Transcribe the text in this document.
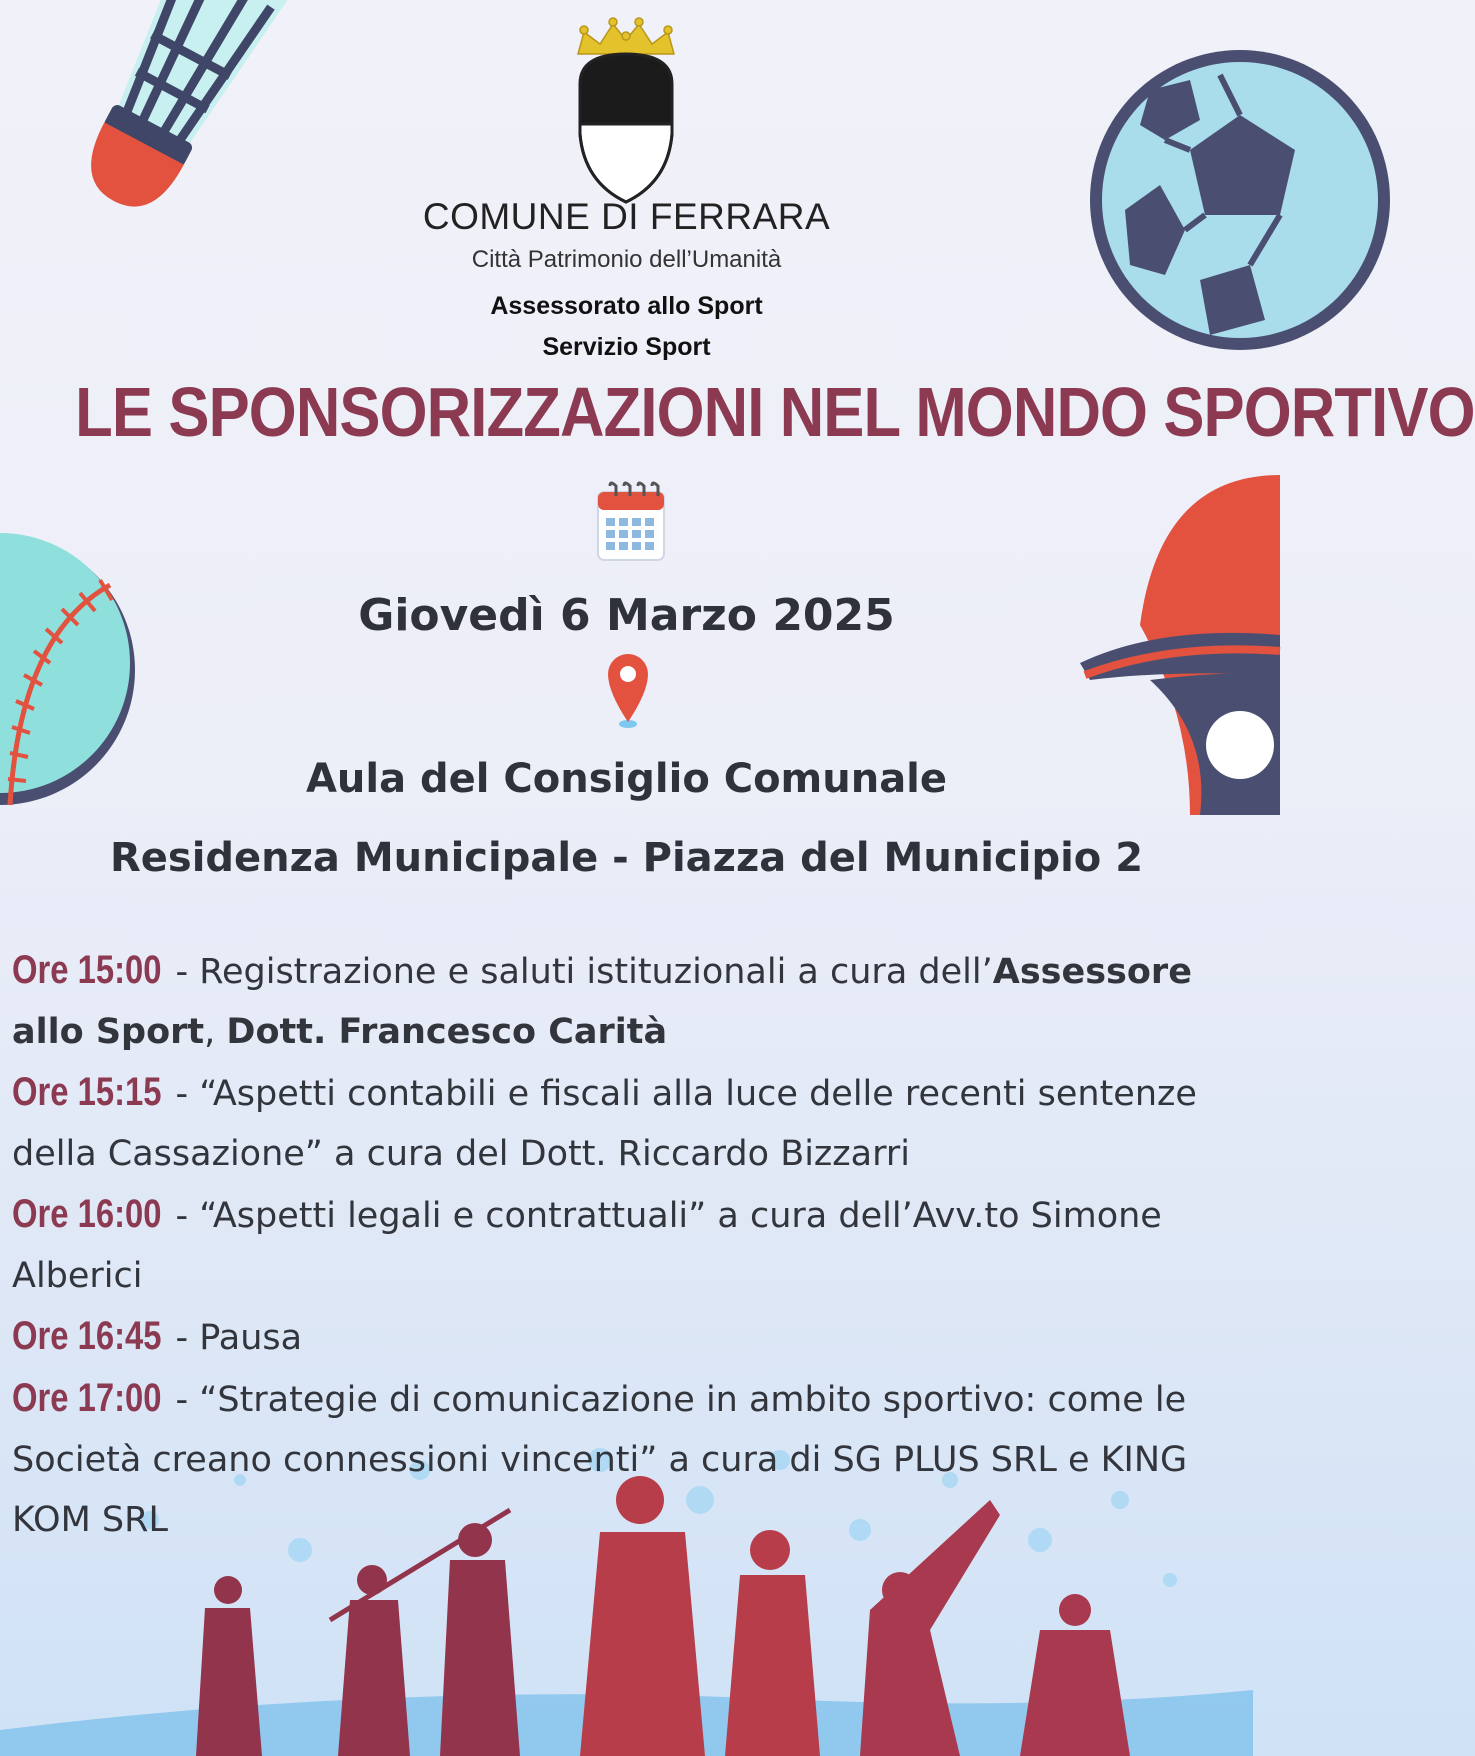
COMUNE DI FERRARA
Città Patrimonio dell’Umanità
Assessorato allo Sport
Servizio Sport
LE SPONSORIZZAZIONI NEL MONDO SPORTIVO
Giovedì 6 Marzo 2025
Aula del Consiglio Comunale
Residenza Municipale - Piazza del Municipio 2
Ore 15:00 - Registrazione e saluti istituzionali a cura dell’Assessore allo Sport, Dott. Francesco Carità
Ore 15:15 - “Aspetti contabili e fiscali alla luce delle recenti sentenze della Cassazione” a cura del Dott. Riccardo Bizzarri
Ore 16:00 - “Aspetti legali e contrattuali” a cura dell’Avv.to Simone Alberici
Ore 16:45 - Pausa
Ore 17:00 - “Strategie di comunicazione in ambito sportivo: come le Società creano connessioni vincenti” a cura di SG PLUS SRL e KING KOM SRL
